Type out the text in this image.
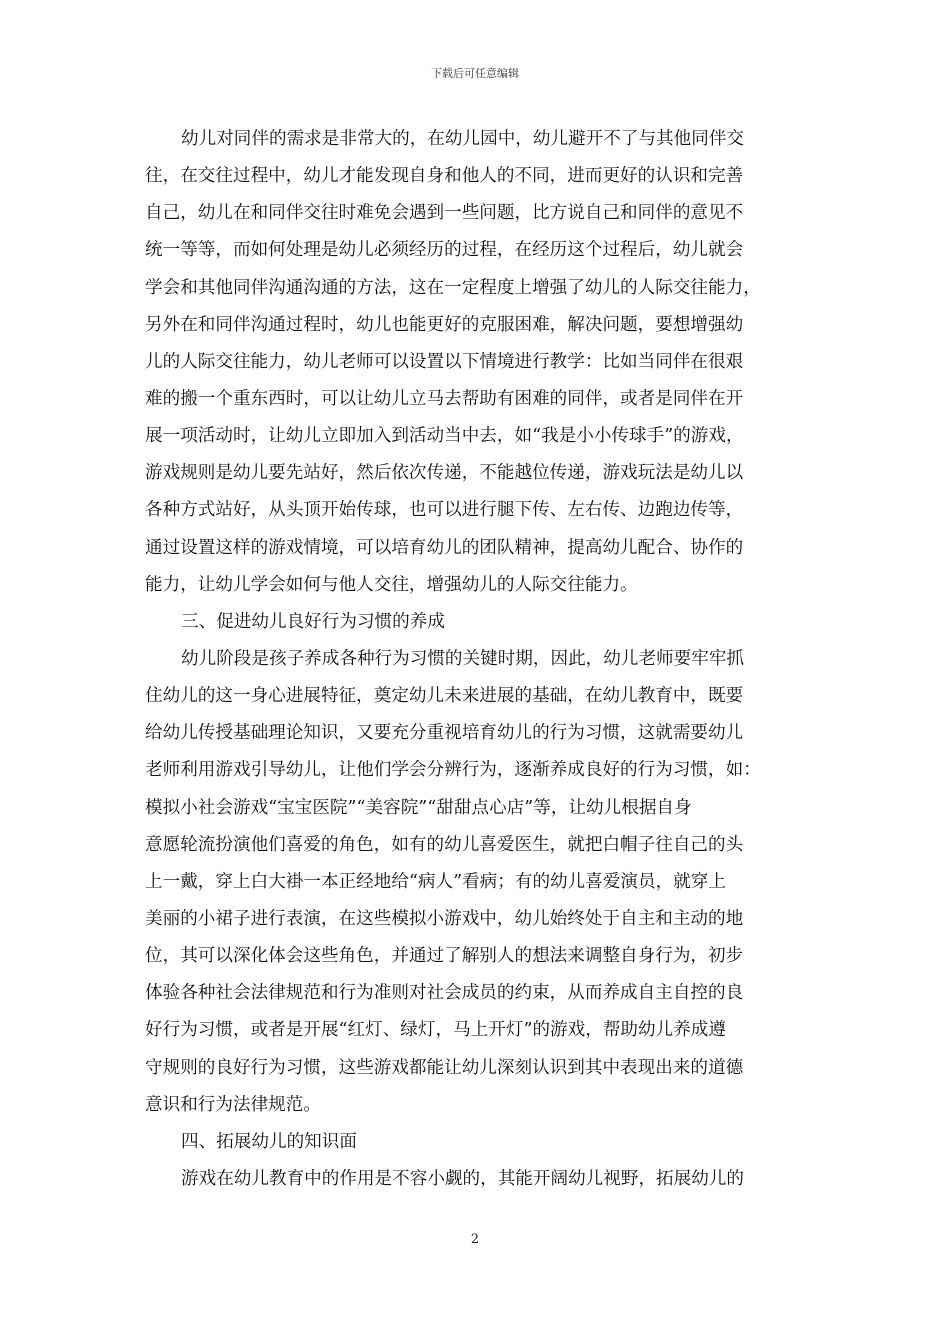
下载后可任意编辑
幼儿对同伴的需求是非常大的，在幼儿园中，幼儿避开不了与其他同伴交
往，在交往过程中，幼儿才能发现自身和他人的不同，进而更好的认识和完善
自己，幼儿在和同伴交往时难免会遇到一些问题，比方说自己和同伴的意见不
统一等等，而如何处理是幼儿必须经历的过程，在经历这个过程后，幼儿就会
学会和其他同伴沟通沟通的方法，这在一定程度上增强了幼儿的人际交往能力，
另外在和同伴沟通过程时，幼儿也能更好的克服困难，解决问题，要想增强幼
儿的人际交往能力，幼儿老师可以设置以下情境进行教学：比如当同伴在很艰
难的搬一个重东西时，可以让幼儿立马去帮助有困难的同伴，或者是同伴在开
展一项活动时，让幼儿立即加入到活动当中去，如“我是小小传球手”的游戏，
游戏规则是幼儿要先站好，然后依次传递，不能越位传递，游戏玩法是幼儿以
各种方式站好，从头顶开始传球，也可以进行腿下传、左右传、边跑边传等，
通过设置这样的游戏情境，可以培育幼儿的团队精神，提高幼儿配合、协作的
能力，让幼儿学会如何与他人交往，增强幼儿的人际交往能力。
三、促进幼儿良好行为习惯的养成
幼儿阶段是孩子养成各种行为习惯的关键时期，因此，幼儿老师要牢牢抓
住幼儿的这一身心进展特征，奠定幼儿未来进展的基础，在幼儿教育中，既要
给幼儿传授基础理论知识，又要充分重视培育幼儿的行为习惯，这就需要幼儿
老师利用游戏引导幼儿，让他们学会分辨行为，逐渐养成良好的行为习惯，如：
模拟小社会游戏“宝宝医院”“美容院”“甜甜点心店”等，让幼儿根据自身
意愿轮流扮演他们喜爱的角色，如有的幼儿喜爱医生，就把白帽子往自己的头
上一戴，穿上白大褂一本正经地给“病人”看病；有的幼儿喜爱演员，就穿上
美丽的小裙子进行表演，在这些模拟小游戏中，幼儿始终处于自主和主动的地
位，其可以深化体会这些角色，并通过了解别人的想法来调整自身行为，初步
体验各种社会法律规范和行为准则对社会成员的约束，从而养成自主自控的良
好行为习惯，或者是开展“红灯、绿灯，马上开灯”的游戏，帮助幼儿养成遵
守规则的良好行为习惯，这些游戏都能让幼儿深刻认识到其中表现出来的道德
意识和行为法律规范。
四、拓展幼儿的知识面
游戏在幼儿教育中的作用是不容小觑的，其能开阔幼儿视野，拓展幼儿的
2
